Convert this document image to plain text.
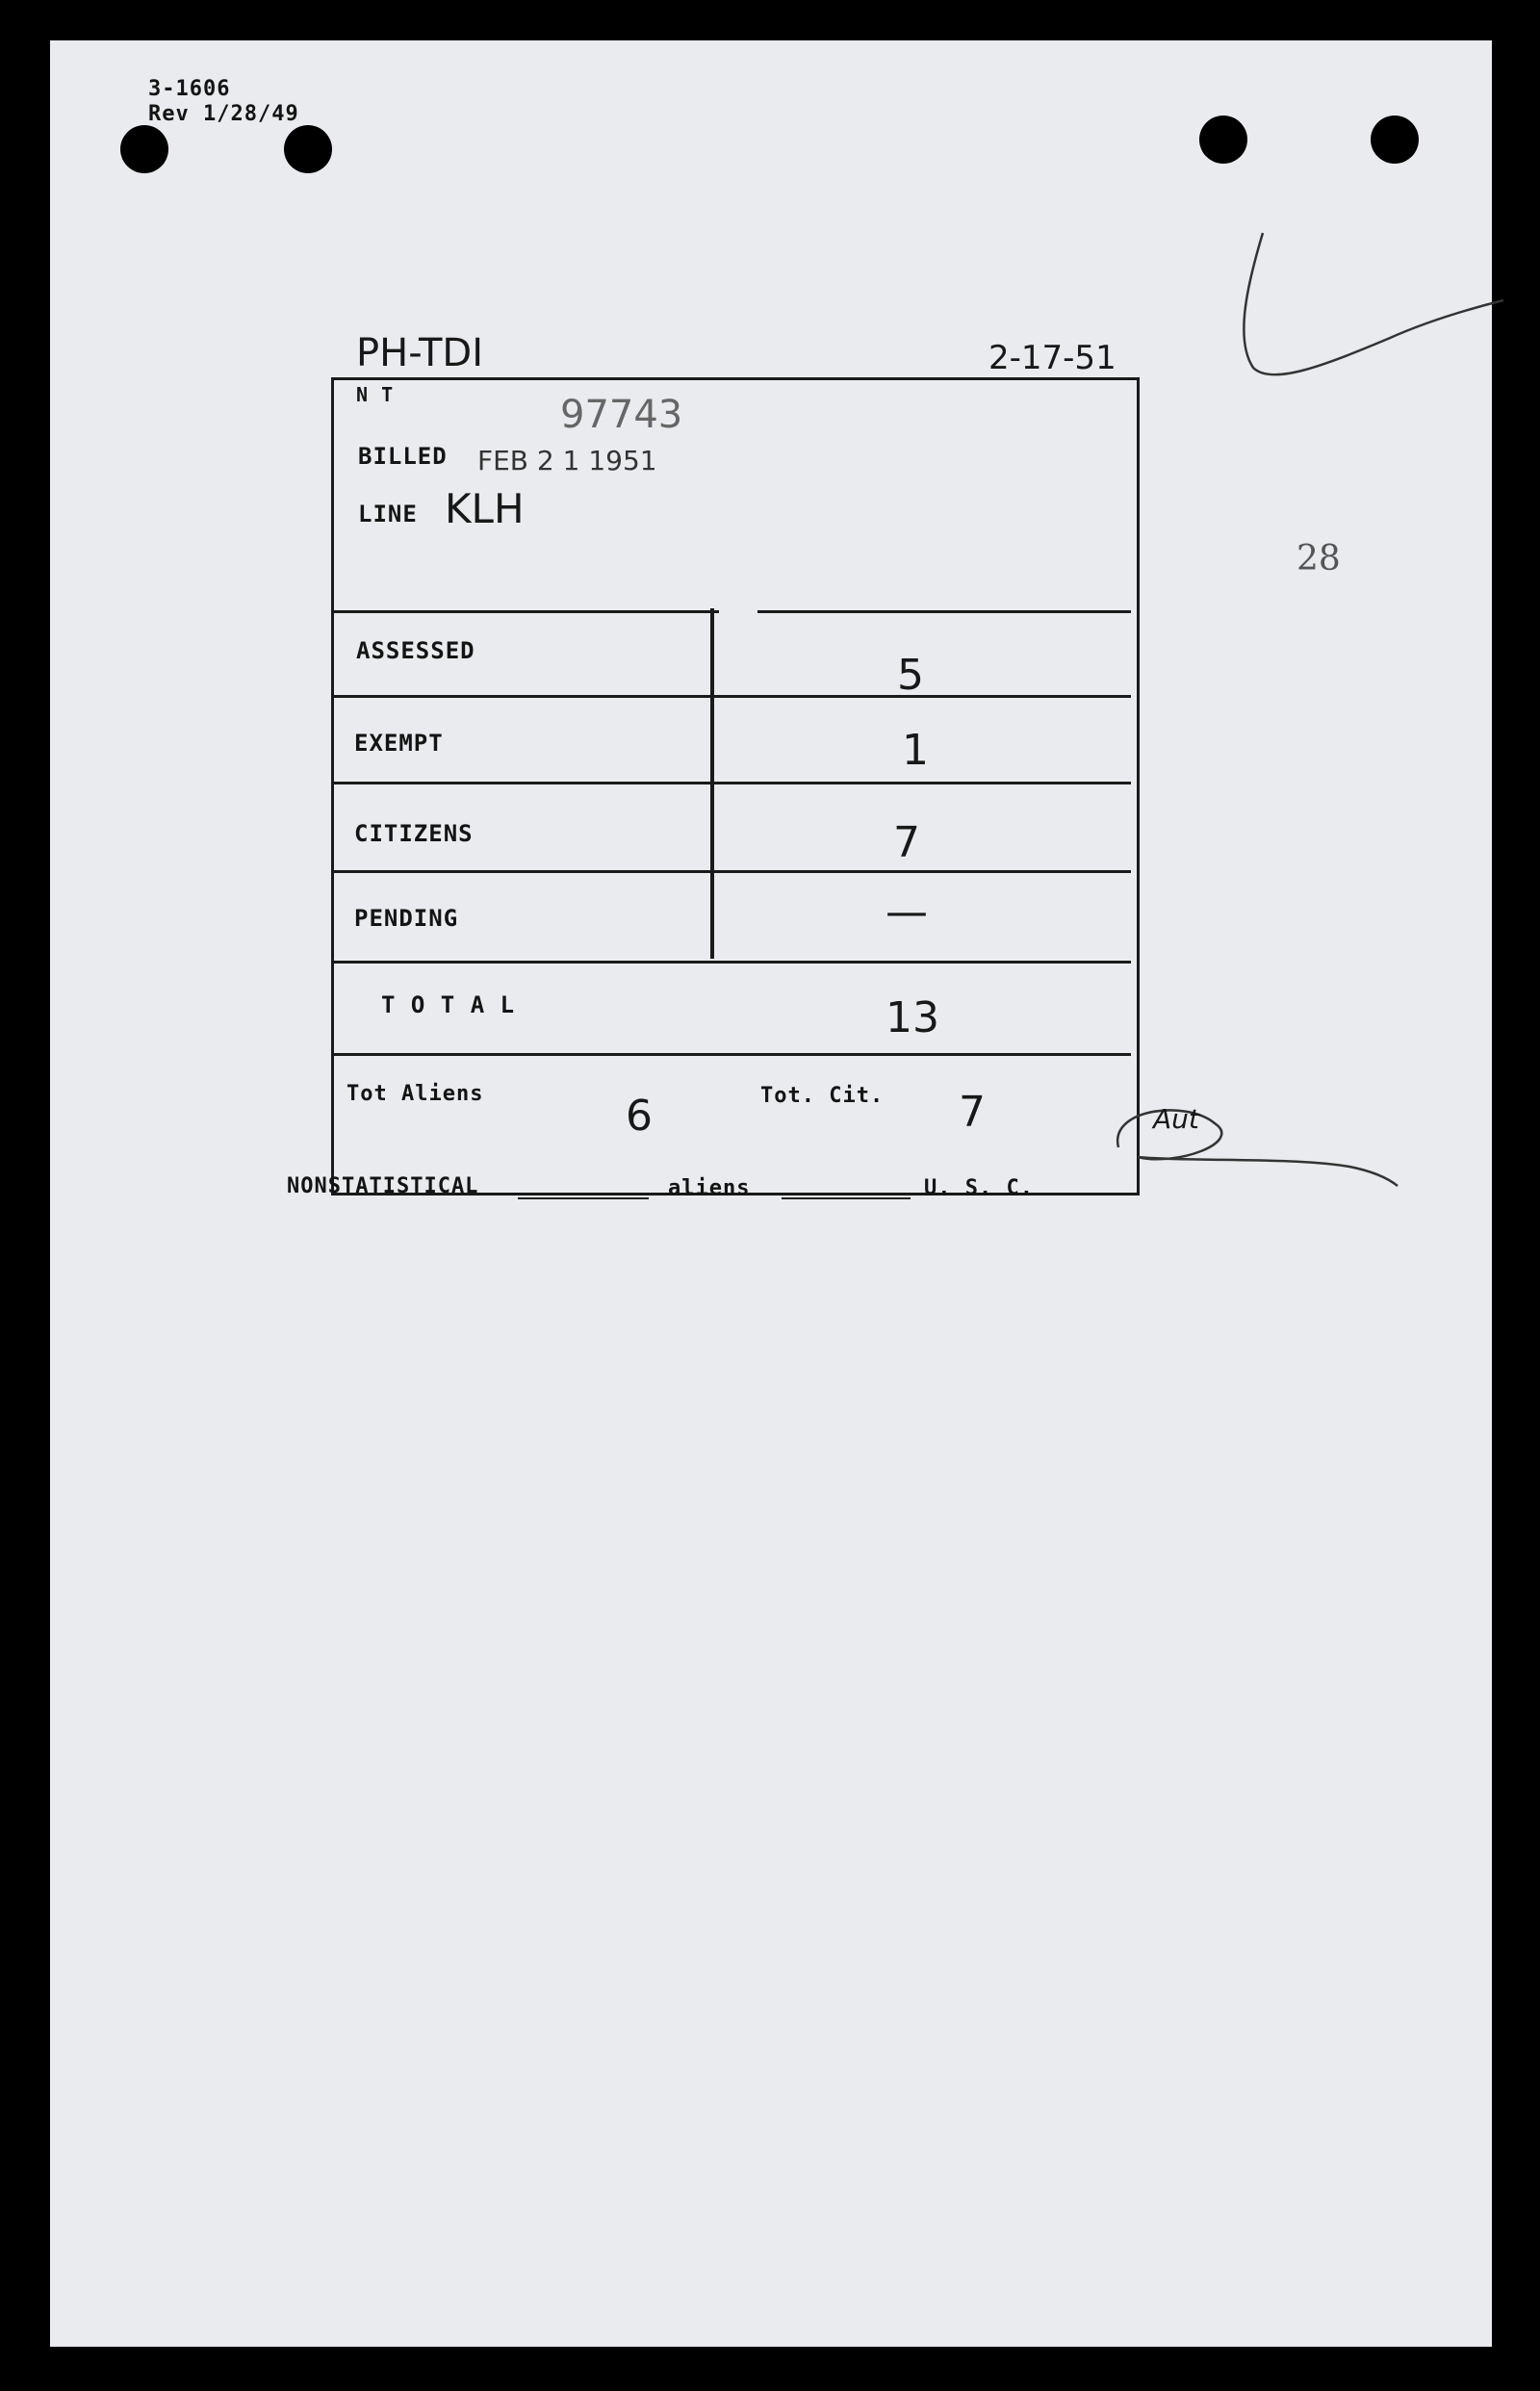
3-1606
Rev 1/28/49
28
PH-TDI	2-17-51
N T	97743
BILLED FEB 2 1 1951
LINE KLH
ASSESSED	5
EXEMPT	1
CITIZENS	7
PENDING	—
T O T A L	13
Tot Aliens	6	Tot. Cit. 7	Aut
NONSTATISTICAL	aliens	U. S. C.
